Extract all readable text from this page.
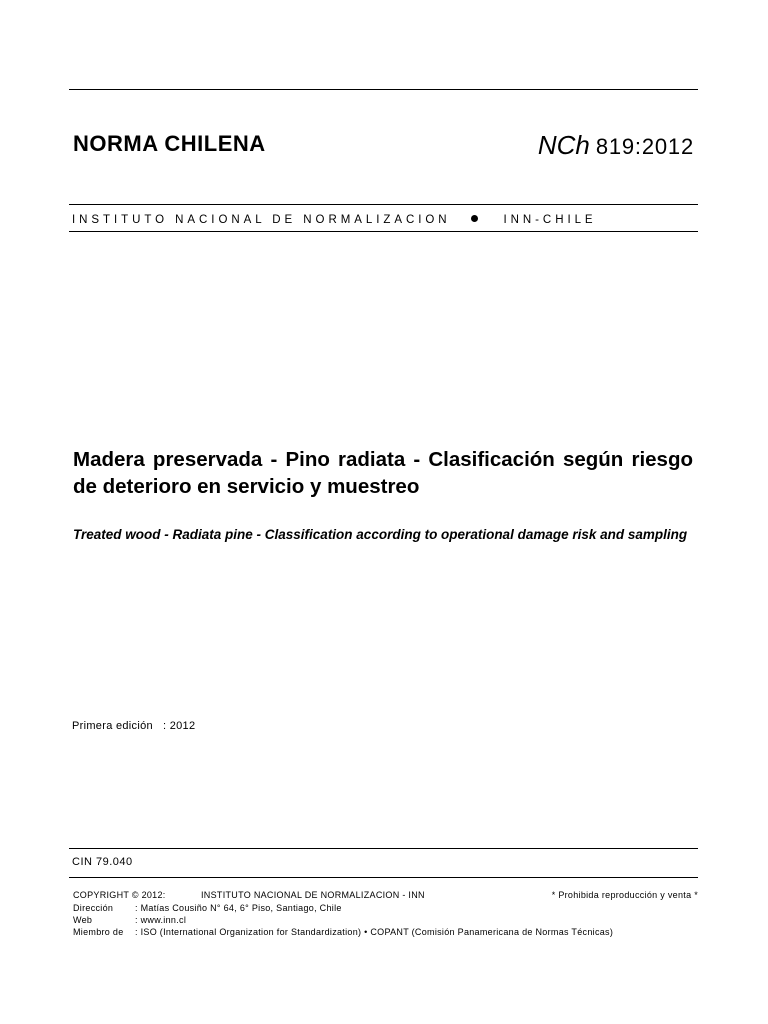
NORMA CHILENA	NCh 819:2012
INSTITUTO NACIONAL DE NORMALIZACION	INN-CHILE
Madera preservada - Pino radiata - Clasificación según riesgo de deterioro en servicio y muestreo
Treated wood - Radiata pine - Classification according to operational damage risk and sampling
Primera edición : 2012
CIN 79.040
COPYRIGHT © 2012:	INSTITUTO NACIONAL DE NORMALIZACION - INN	* Prohibida reproducción y venta *
Dirección : Matías Cousiño N° 64, 6° Piso, Santiago, Chile
Web	: www.inn.cl
Miembro de : ISO (International Organization for Standardization) • COPANT (Comisión Panamericana de Normas Técnicas)
